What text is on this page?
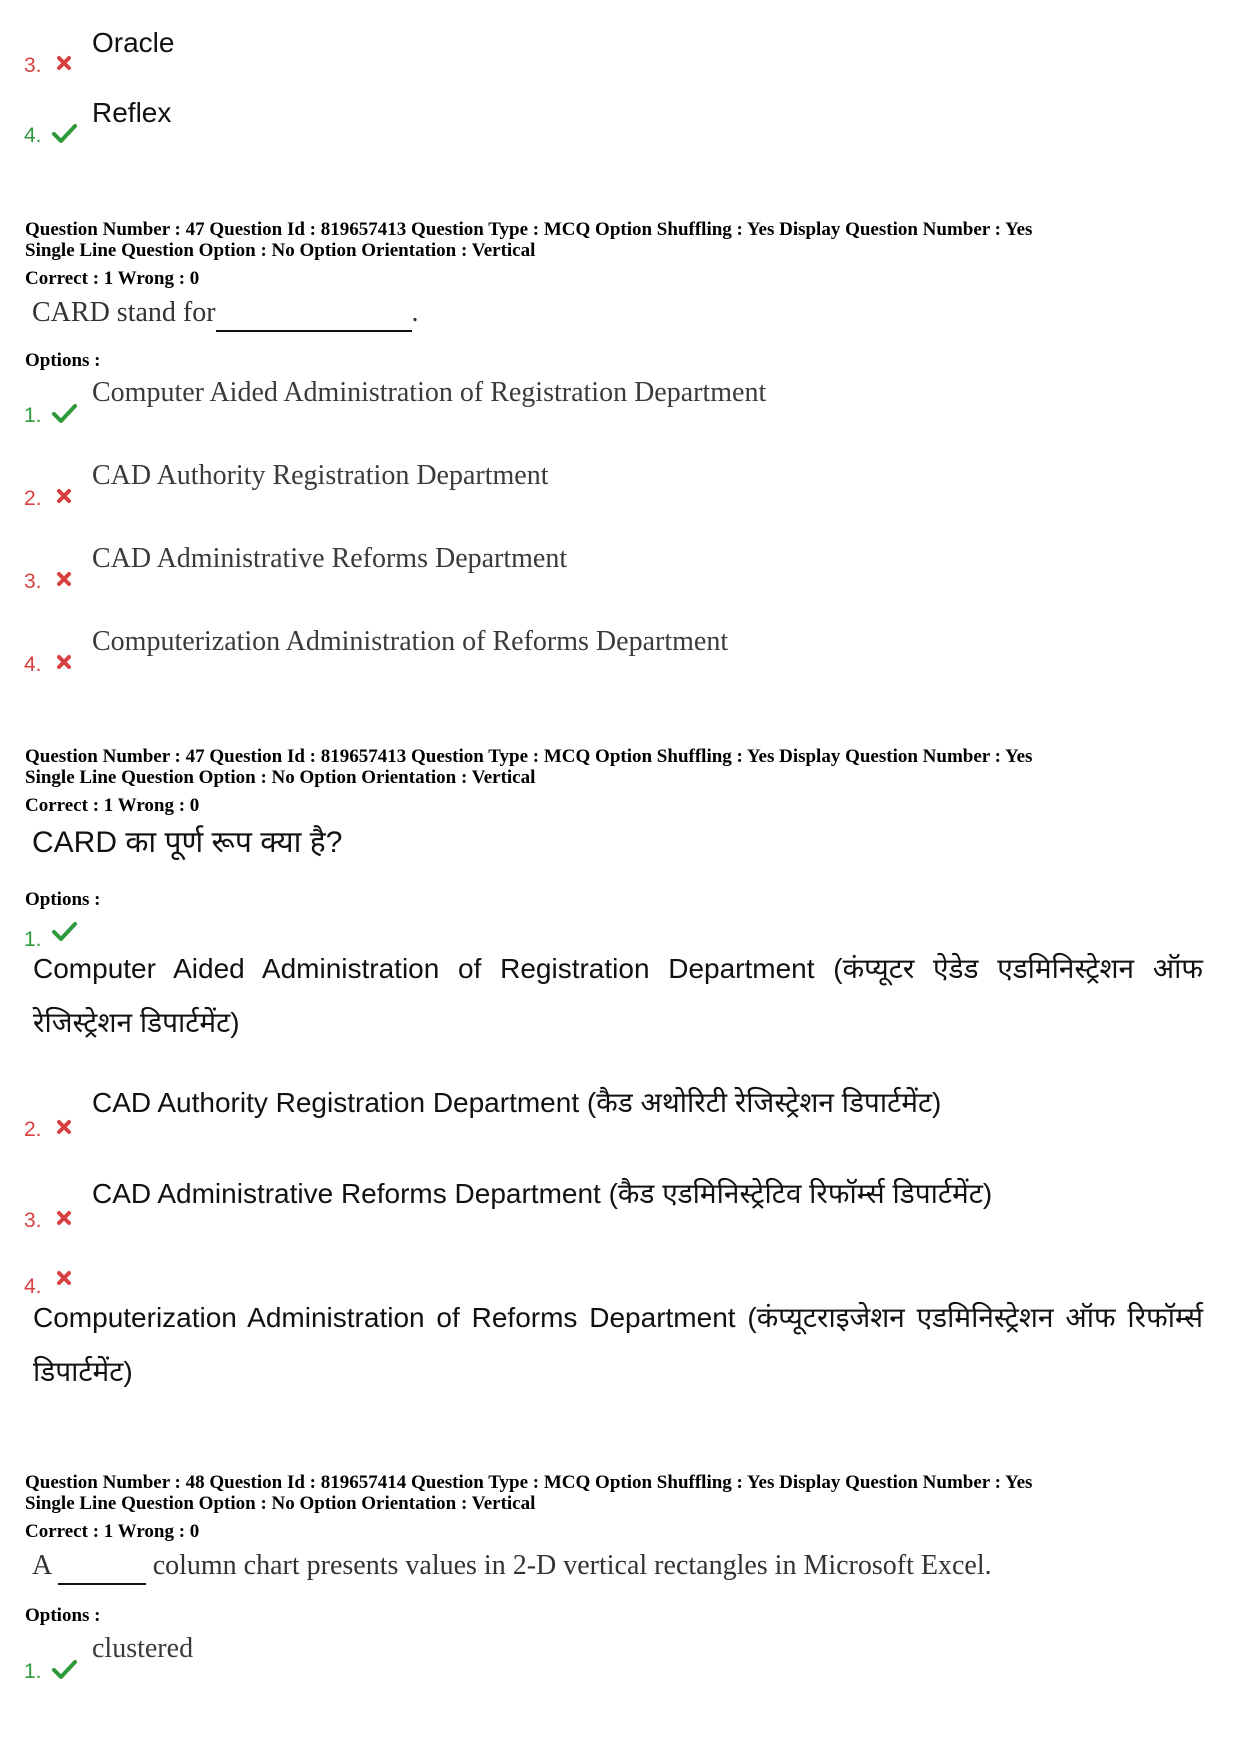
3.
Oracle
4.
Reflex
Question Number : 47 Question Id : 819657413 Question Type : MCQ Option Shuffling : Yes Display Question Number : Yes
Single Line Question Option : No Option Orientation : Vertical
Correct : 1 Wrong : 0
CARD stand for	.
Options :
1.
Computer Aided Administration of Registration Department
2.
CAD Authority Registration Department
3.
CAD Administrative Reforms Department
4.
Computerization Administration of Reforms Department
Question Number : 47 Question Id : 819657413 Question Type : MCQ Option Shuffling : Yes Display Question Number : Yes
Single Line Question Option : No Option Orientation : Vertical
Correct : 1 Wrong : 0
CARD का पूर्ण रूप क्या है?
Options :
1.
Computer Aided Administration of Registration Department (कंप्यूटर ऐडेड एडमिनिस्ट्रेशन ऑफ रेजिस्ट्रेशन डिपार्टमेंट)
2.
CAD Authority Registration Department (कैड अथोरिटी रेजिस्ट्रेशन डिपार्टमेंट)
3.
CAD Administrative Reforms Department (कैड एडमिनिस्ट्रेटिव रिफॉर्म्स डिपार्टमेंट)
4.
Computerization Administration of Reforms Department (कंप्यूटराइजेशन एडमिनिस्ट्रेशन ऑफ रिफॉर्म्स डिपार्टमेंट)
Question Number : 48 Question Id : 819657414 Question Type : MCQ Option Shuffling : Yes Display Question Number : Yes
Single Line Question Option : No Option Orientation : Vertical
Correct : 1 Wrong : 0
A	column chart presents values in 2-D vertical rectangles in Microsoft Excel.
Options :
1.
clustered
